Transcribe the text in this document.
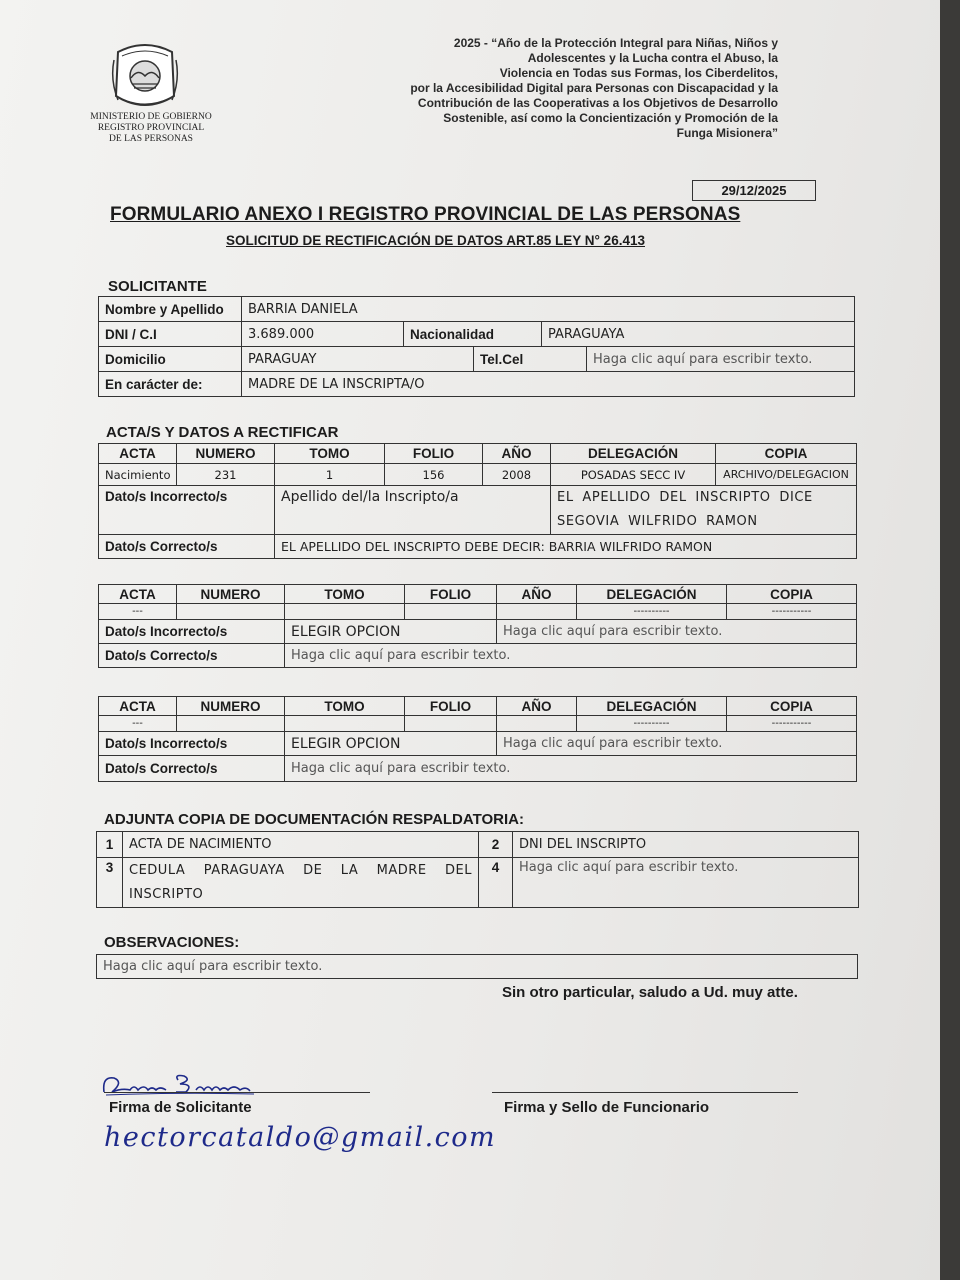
MINISTERIO DE GOBIERNO
REGISTRO PROVINCIAL
DE LAS PERSONAS
2025 - “Año de la Protección Integral para Niñas, Niños y
Adolescentes y la Lucha contra el Abuso, la
Violencia en Todas sus Formas, los Ciberdelitos,
por la Accesibilidad Digital para Personas con Discapacidad y la
Contribución de las Cooperativas a los Objetivos de Desarrollo
Sostenible, así como la Concientización y Promoción de la
Funga Misionera”
29/12/2025
FORMULARIO ANEXO I REGISTRO PROVINCIAL DE LAS PERSONAS
SOLICITUD DE RECTIFICACIÓN DE DATOS ART.85 LEY N° 26.413
SOLICITANTE
Nombre y Apellido	BARRIA DANIELA				
DNI / C.I	3.689.000	Nacionalidad		PARAGUAYA	
Domicilio	PARAGUAY		Tel.Cel		Haga clic aquí para escribir texto.
En carácter de:	MADRE DE LA INSCRIPTA/O				
ACTA/S Y DATOS A RECTIFICAR
ACTA	NUMERO	TOMO	FOLIO	AÑO	DELEGACIÓN	COPIA
Nacimiento	231	1	156	2008	POSADAS SECC IV	ARCHIVO/DELEGACION
Dato/s Incorrecto/s		Apellido del/la Inscripto/a			EL APELLIDO DEL INSCRIPTO DICE SEGOVIA WILFRIDO RAMON	
Dato/s Correcto/s		EL APELLIDO DEL INSCRIPTO DEBE DECIR: BARRIA WILFRIDO RAMON				
ACTA	NUMERO	TOMO	FOLIO	AÑO	DELEGACIÓN	COPIA
---					----------	-----------
Dato/s Incorrecto/s		ELEGIR OPCION		Haga clic aquí para escribir texto.		
Dato/s Correcto/s		Haga clic aquí para escribir texto.				
ACTA	NUMERO	TOMO	FOLIO	AÑO	DELEGACIÓN	COPIA
---					----------	-----------
Dato/s Incorrecto/s		ELEGIR OPCION		Haga clic aquí para escribir texto.		
Dato/s Correcto/s		Haga clic aquí para escribir texto.				
ADJUNTA COPIA DE DOCUMENTACIÓN RESPALDATORIA:
1	ACTA DE NACIMIENTO	2	DNI DEL INSCRIPTO
3	CEDULA PARAGUAYA DE LA MADRE DEL INSCRIPTO	4	Haga clic aquí para escribir texto.
OBSERVACIONES:
Haga clic aquí para escribir texto.
Sin otro particular, saludo a Ud. muy atte.
Firma de Solicitante	Firma y Sello de Funcionario
hectorcataldo@gmail.com
